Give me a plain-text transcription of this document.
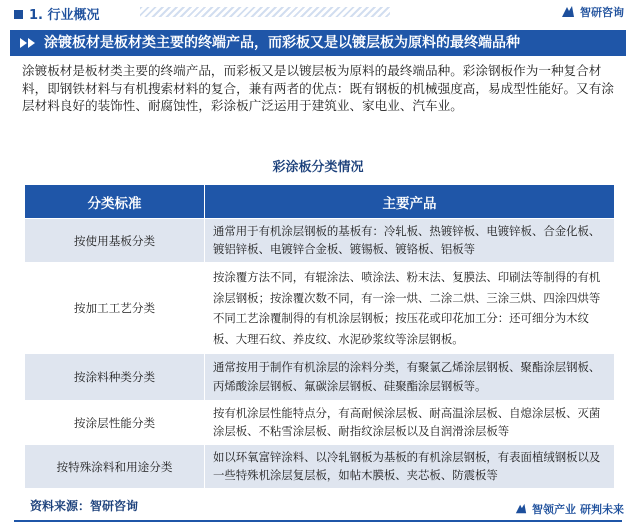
1. 行业概况	智研咨询
涂镀板材是板材类主要的终端产品，而彩板又是以镀层板为原料的最终端品种

涂镀板材是板材类主要的终端产品，而彩板又是以镀层板为原料的最终端品种。彩涂钢板作为一种复合材料，即钢铁材料与有机搜索材料的复合，兼有两者的优点：既有钢板的机械强度高，易成型性能好。又有涂层材料良好的装饰性、耐腐蚀性，彩涂板广泛运用于建筑业、家电业、汽车业。

彩涂板分类情况
分类标准	主要产品
按使用基板分类	通常用于有机涂层钢板的基板有：冷轧板、热镀锌板、电镀锌板、合金化板、镀铝锌板、电镀锌合金板、镀锡板、镀铬板、铝板等
按加工工艺分类	按涂覆方法不同，有辊涂法、喷涂法、粉末法、复膜法、印刷法等制得的有机涂层钢板；按涂覆次数不同，有一涂一烘、二涂二烘、三涂三烘、四涂四烘等不同工艺涂覆制得的有机涂层钢板；按压花或印花加工分：还可细分为木纹板、大理石纹、养皮纹、水泥砂浆纹等涂层钢板。
按涂料种类分类	通常按用于制作有机涂层的涂料分类，有聚氯乙烯涂层钢板、聚酯涂层钢板、丙烯酸涂层钢板、氟碳涂层钢板、硅聚酯涂层钢板等。
按涂层性能分类	按有机涂层性能特点分，有高耐候涂层板、耐高温涂层板、自熄涂层板、灭菌涂层板、不粘雪涂层板、耐指纹涂层板以及自润滑涂层板等
按特殊涂料和用途分类	如以环氧富锌涂料、以冷轧钢板为基板的有机涂层钢板，有表面植绒钢板以及一些特殊机涂层复层板，如帖木膜板、夹芯板、防震板等
资料来源：智研咨询	智领产业 研判未来
